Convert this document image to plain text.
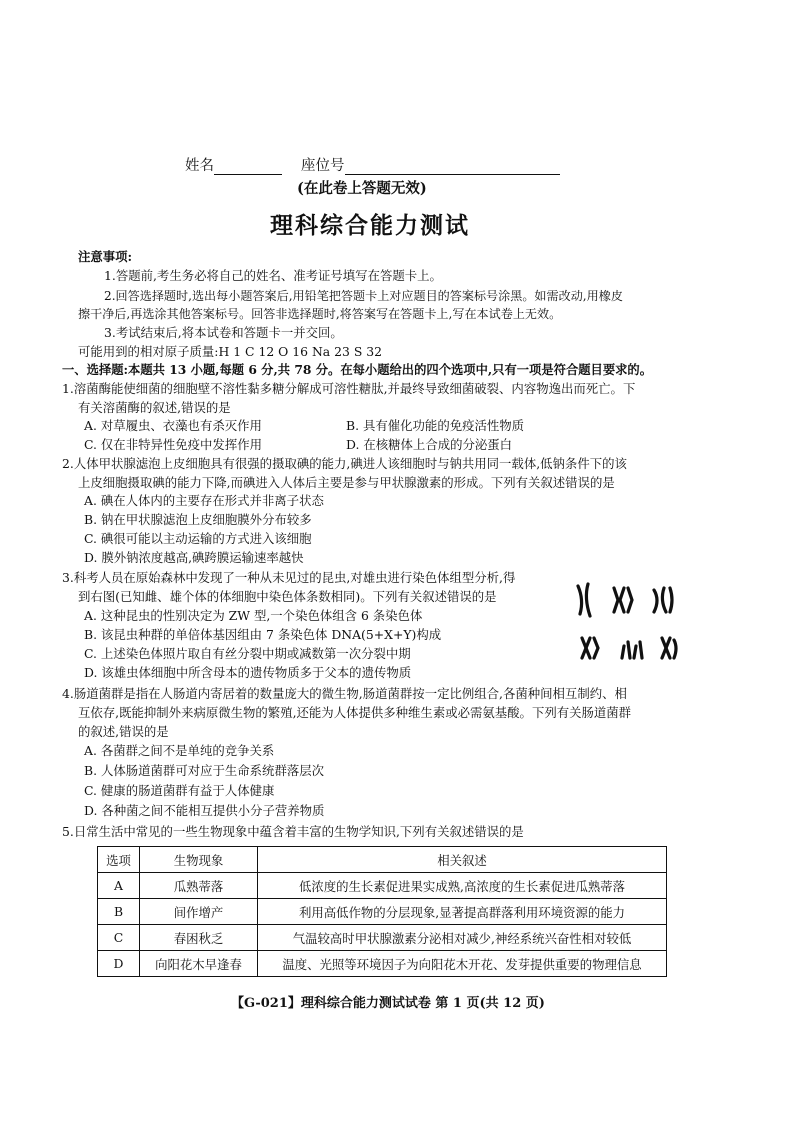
姓名	座位号
(在此卷上答题无效)
理科综合能力测试
注意事项:
1.答题前,考生务必将自己的姓名、准考证号填写在答题卡上。
2.回答选择题时,选出每小题答案后,用铅笔把答题卡上对应题目的答案标号涂黑。如需改动,用橡皮
擦干净后,再选涂其他答案标号。回答非选择题时,将答案写在答题卡上,写在本试卷上无效。
3.考试结束后,将本试卷和答题卡一并交回。
可能用到的相对原子质量:H 1 C 12 O 16 Na 23 S 32
一、选择题:本题共 13 小题,每题 6 分,共 78 分。在每小题给出的四个选项中,只有一项是符合题目要求的。
1.溶菌酶能使细菌的细胞壁不溶性黏多糖分解成可溶性糖肽,并最终导致细菌破裂、内容物逸出而死亡。下
有关溶菌酶的叙述,错误的是
A. 对草履虫、衣藻也有杀灭作用	B. 具有催化功能的免疫活性物质
C. 仅在非特异性免疫中发挥作用	D. 在核糖体上合成的分泌蛋白
2.人体甲状腺滤泡上皮细胞具有很强的摄取碘的能力,碘进人该细胞时与钠共用同一载体,低钠条件下的该
上皮细胞摄取碘的能力下降,而碘进入人体后主要是参与甲状腺激素的形成。下列有关叙述错误的是
A. 碘在人体内的主要存在形式并非离子状态
B. 钠在甲状腺滤泡上皮细胞膜外分布较多
C. 碘很可能以主动运输的方式进入该细胞
D. 膜外钠浓度越高,碘跨膜运输速率越快
3.科考人员在原始森林中发现了一种从未见过的昆虫,对雄虫进行染色体组型分析,得
到右图(已知雌、雄个体的体细胞中染色体条数相同)。下列有关叙述错误的是
A. 这种昆虫的性别决定为 ZW 型,一个染色体组含 6 条染色体
B. 该昆虫种群的单倍体基因组由 7 条染色体 DNA(5+X+Y)构成
C. 上述染色体照片取自有丝分裂中期或减数第一次分裂中期
D. 该雄虫体细胞中所含母本的遗传物质多于父本的遗传物质
4.肠道菌群是指在人肠道内寄居着的数量庞大的微生物,肠道菌群按一定比例组合,各菌种间相互制约、相
互依存,既能抑制外来病原微生物的繁殖,还能为人体提供多种维生素或必需氨基酸。下列有关肠道菌群
的叙述,错误的是
A. 各菌群之间不是单纯的竞争关系
B. 人体肠道菌群可对应于生命系统群落层次
C. 健康的肠道菌群有益于人体健康
D. 各种菌之间不能相互提供小分子营养物质
5.日常生活中常见的一些生物现象中蕴含着丰富的生物学知识,下列有关叙述错误的是
选项	生物现象	相关叙述
A	瓜熟蒂落	低浓度的生长素促进果实成熟,高浓度的生长素促进瓜熟蒂落
B	间作增产	利用高低作物的分层现象,显著提高群落利用环境资源的能力
C	春困秋乏	气温较高时甲状腺激素分泌相对减少,神经系统兴奋性相对较低
D	向阳花木早逢春	温度、光照等环境因子为向阳花木开花、发芽提供重要的物理信息
【G-021】理科综合能力测试试卷 第 1 页(共 12 页)
